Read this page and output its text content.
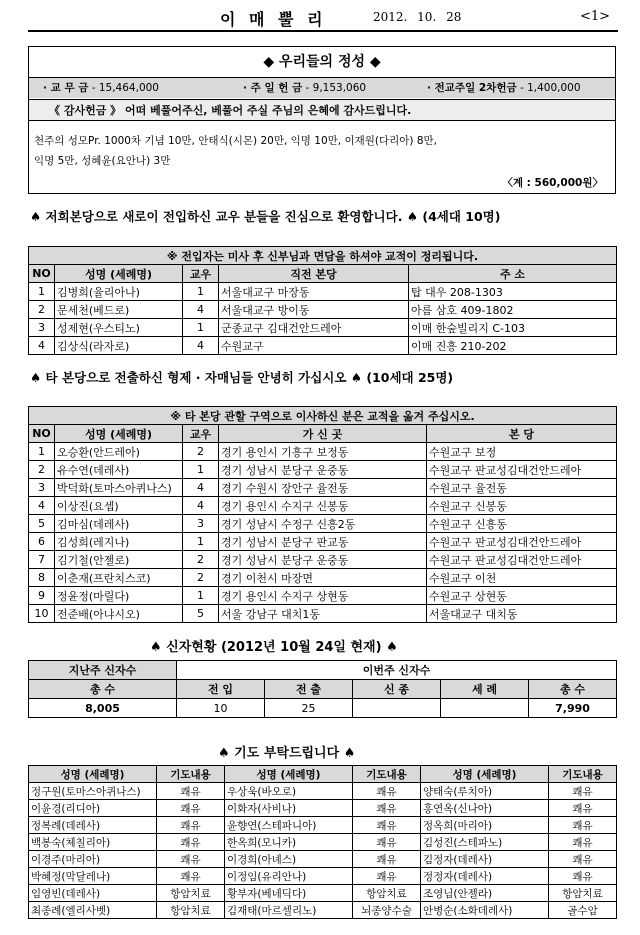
이 매 뿔 리	2012. 10. 28	<1>
◆ 우리들의 정성 ◆
· 교 무 금 - 15,464,000	· 주 일 헌 금 - 9,153,060	· 전교주일 2차헌금 - 1,400,000
《 감사헌금 》 어떠 베풀어주신, 베풀어 주실 주님의 은혜에 감사드립니다.
천주의 성모Pr. 1000차 기념 10만, 안태식(시몬) 20만, 익명 10만, 이재원(다리아) 8만,
익명 5만, 성혜윤(요안나) 3만
〈계 : 560,000원〉
♠ 저희본당으로 새로이 전입하신 교우 분들을 진심으로 환영합니다. ♠ (4세대 10명)
※ 전입자는 미사 후 신부님과 면담을 하셔야 교적이 정리됩니다.				
NO	성명 (세례명)	교우	직전 본당	주 소
1	김병희(율리아나)	1	서울대교구 마장동	탑 대우 208-1303
2	문세천(베드로)	4	서울대교구 방이동	아름 삼호 409-1802
3	성제현(우스티노)	1	군종교구 김대건안드레아	이매 한숲빌리지 C-103
4	김상식(라자로)	4	수원교구	이매 진흥 210-202
♠ 타 본당으로 전출하신 형제 · 자매님들 안녕히 가십시오 ♠ (10세대 25명)
※ 타 본당 관할 구역으로 이사하신 분은 교적을 옮겨 주십시오.				
NO	성명 (세례명)	교우	가 신 곳	본 당
1	오승환(안드레아)	2	경기 용인시 기흥구 보정동	수원교구 보정
2	유수연(데레사)	1	경기 성남시 분당구 운중동	수원교구 판교성김대건안드레아
3	박덕화(토마스아퀴나스)	4	경기 수원시 장안구 율전동	수원교구 율전동
4	이상진(요셉)	4	경기 용인시 수지구 신봉동	수원교구 신봉동
5	김마심(데레사)	3	경기 성남시 수정구 신흥2동	수원교구 신흥동
6	김성희(레지나)	1	경기 성남시 분당구 판교동	수원교구 판교성김대건안드레아
7	김기철(안젤로)	2	경기 성남시 분당구 운중동	수원교구 판교성김대건안드레아
8	이춘재(프란치스코)	2	경기 이천시 마장면	수원교구 이천
9	정윤정(마릴다)	1	경기 용인시 수지구 상현동	수원교구 상현동
10	전준배(아냐시오)	5	서울 강남구 대치1동	서울대교구 대치동
♠ 신자현황 (2012년 10월 24일 현재) ♠
지난주 신자수	이번주 신자수				
총 수	전 입	전 출	신 종	세 례	총 수
8,005	10	25			7,990
♠ 기도 부탁드립니다 ♠
성명 (세례명)	기도내용	성명 (세례명)	기도내용	성명 (세례명)	기도내용
정구원(토마스아퀴나스)	쾌유	우상욱(바오로)	쾌유	양태숙(루치아)	쾌유
이윤경(리디아)	쾌유	이화자(사비나)	쾌유	홍연옥(신나아)	쾌유
정복례(데레사)	쾌유	윤향연(스테파니아)	쾌유	정옥희(마리아)	쾌유
백봉숙(체칠리아)	쾌유	한옥희(모니카)	쾌유	김성진(스테파노)	쾌유
이경주(마리아)	쾌유	이경희(아녜스)	쾌유	김정자(데레사)	쾌유
박혜정(막달레나)	쾌유	이정임(유리안나)	쾌유	정정자(데레사)	쾌유
임영빈(데레사)	항암치료	황부자(베네딕다)	항암치료	조영님(안젤라)	항암치료
최종례(엘리사벳)	항암치료	김재태(마르셀리노)	뇌종양수술	안병순(소화데레사)	골수암
